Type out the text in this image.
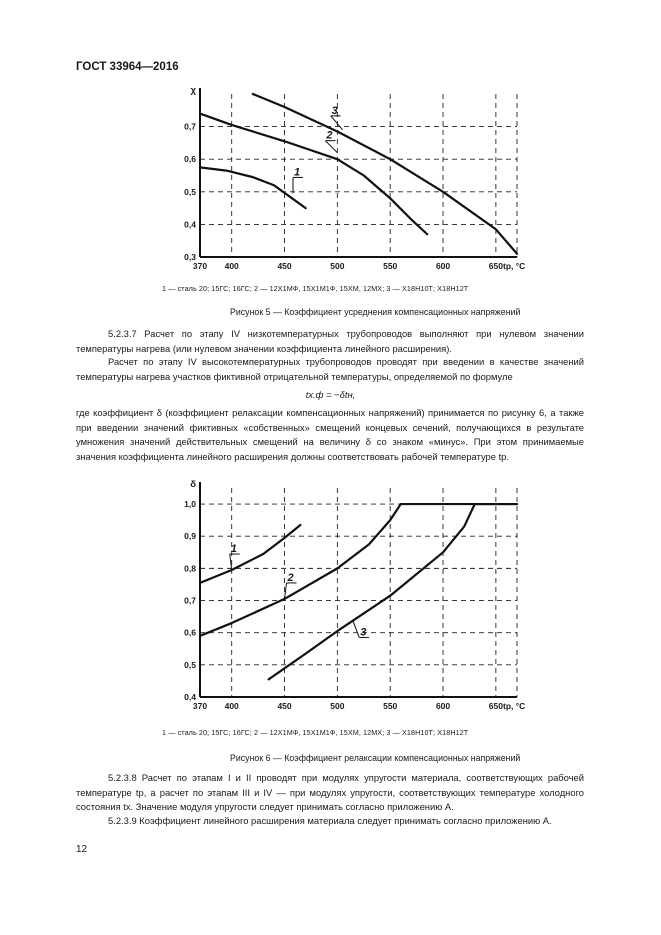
ГОСТ 33964—2016
0,3
0,4
0,5
0,6
0,7
χ
370 400	450	500	550	600	650 tр, °С
1
2
3
1 — сталь 20; 15ГС; 16ГС; 2 — 12Х1МФ, 15Х1М1Ф, 15ХМ, 12МХ; 3 — Х18Н10Т; Х18Н12Т
Рисунок 5 — Коэффициент усреднения компенсационных напряжений

5.2.3.7 Расчет по этапу IV низкотемпературных трубопроводов выполняют при нулевом значении температуры нагрева (или нулевом значении коэффициента линейного расширения).

Расчет по этапу IV высокотемпературных трубопроводов проводят при введении в качестве значений температуры нагрева участков фиктивной отрицательной температуры, определяемой по формуле

tх.ф = −δtн,

где коэффициент δ (коэффициент релаксации компенсационных напряжений) принимается по рисунку 6, а также при введении значений фиктивных «собственных» смещений концевых сечений, получающихся в результате умножения значений действительных смещений на величину δ со знаком «минус». При этом принимаемые значения коэффициента линейного расширения должны соответствовать рабочей температуре tр.

0,4
0,5
0,6
0,7
0,8
0,9
1,0
δ
370 400	450	500	550	600	650 tр, °С
1
2
3
1 — сталь 20; 15ГС; 16ГС; 2 — 12Х1МФ, 15Х1М1Ф, 15ХМ, 12МХ; 3 — Х18Н10Т; Х18Н12Т
Рисунок 6 — Коэффициент релаксации компенсационных напряжений

5.2.3.8 Расчет по этапам I и II проводят при модулях упругости материала, соответствующих рабочей температуре tр, а расчет по этапам III и IV — при модулях упругости, соответствующих температуре холодного состояния tх. Значение модуля упругости следует принимать согласно приложению А.

5.2.3.9 Коэффициент линейного расширения материала следует принимать согласно приложению А.

12
